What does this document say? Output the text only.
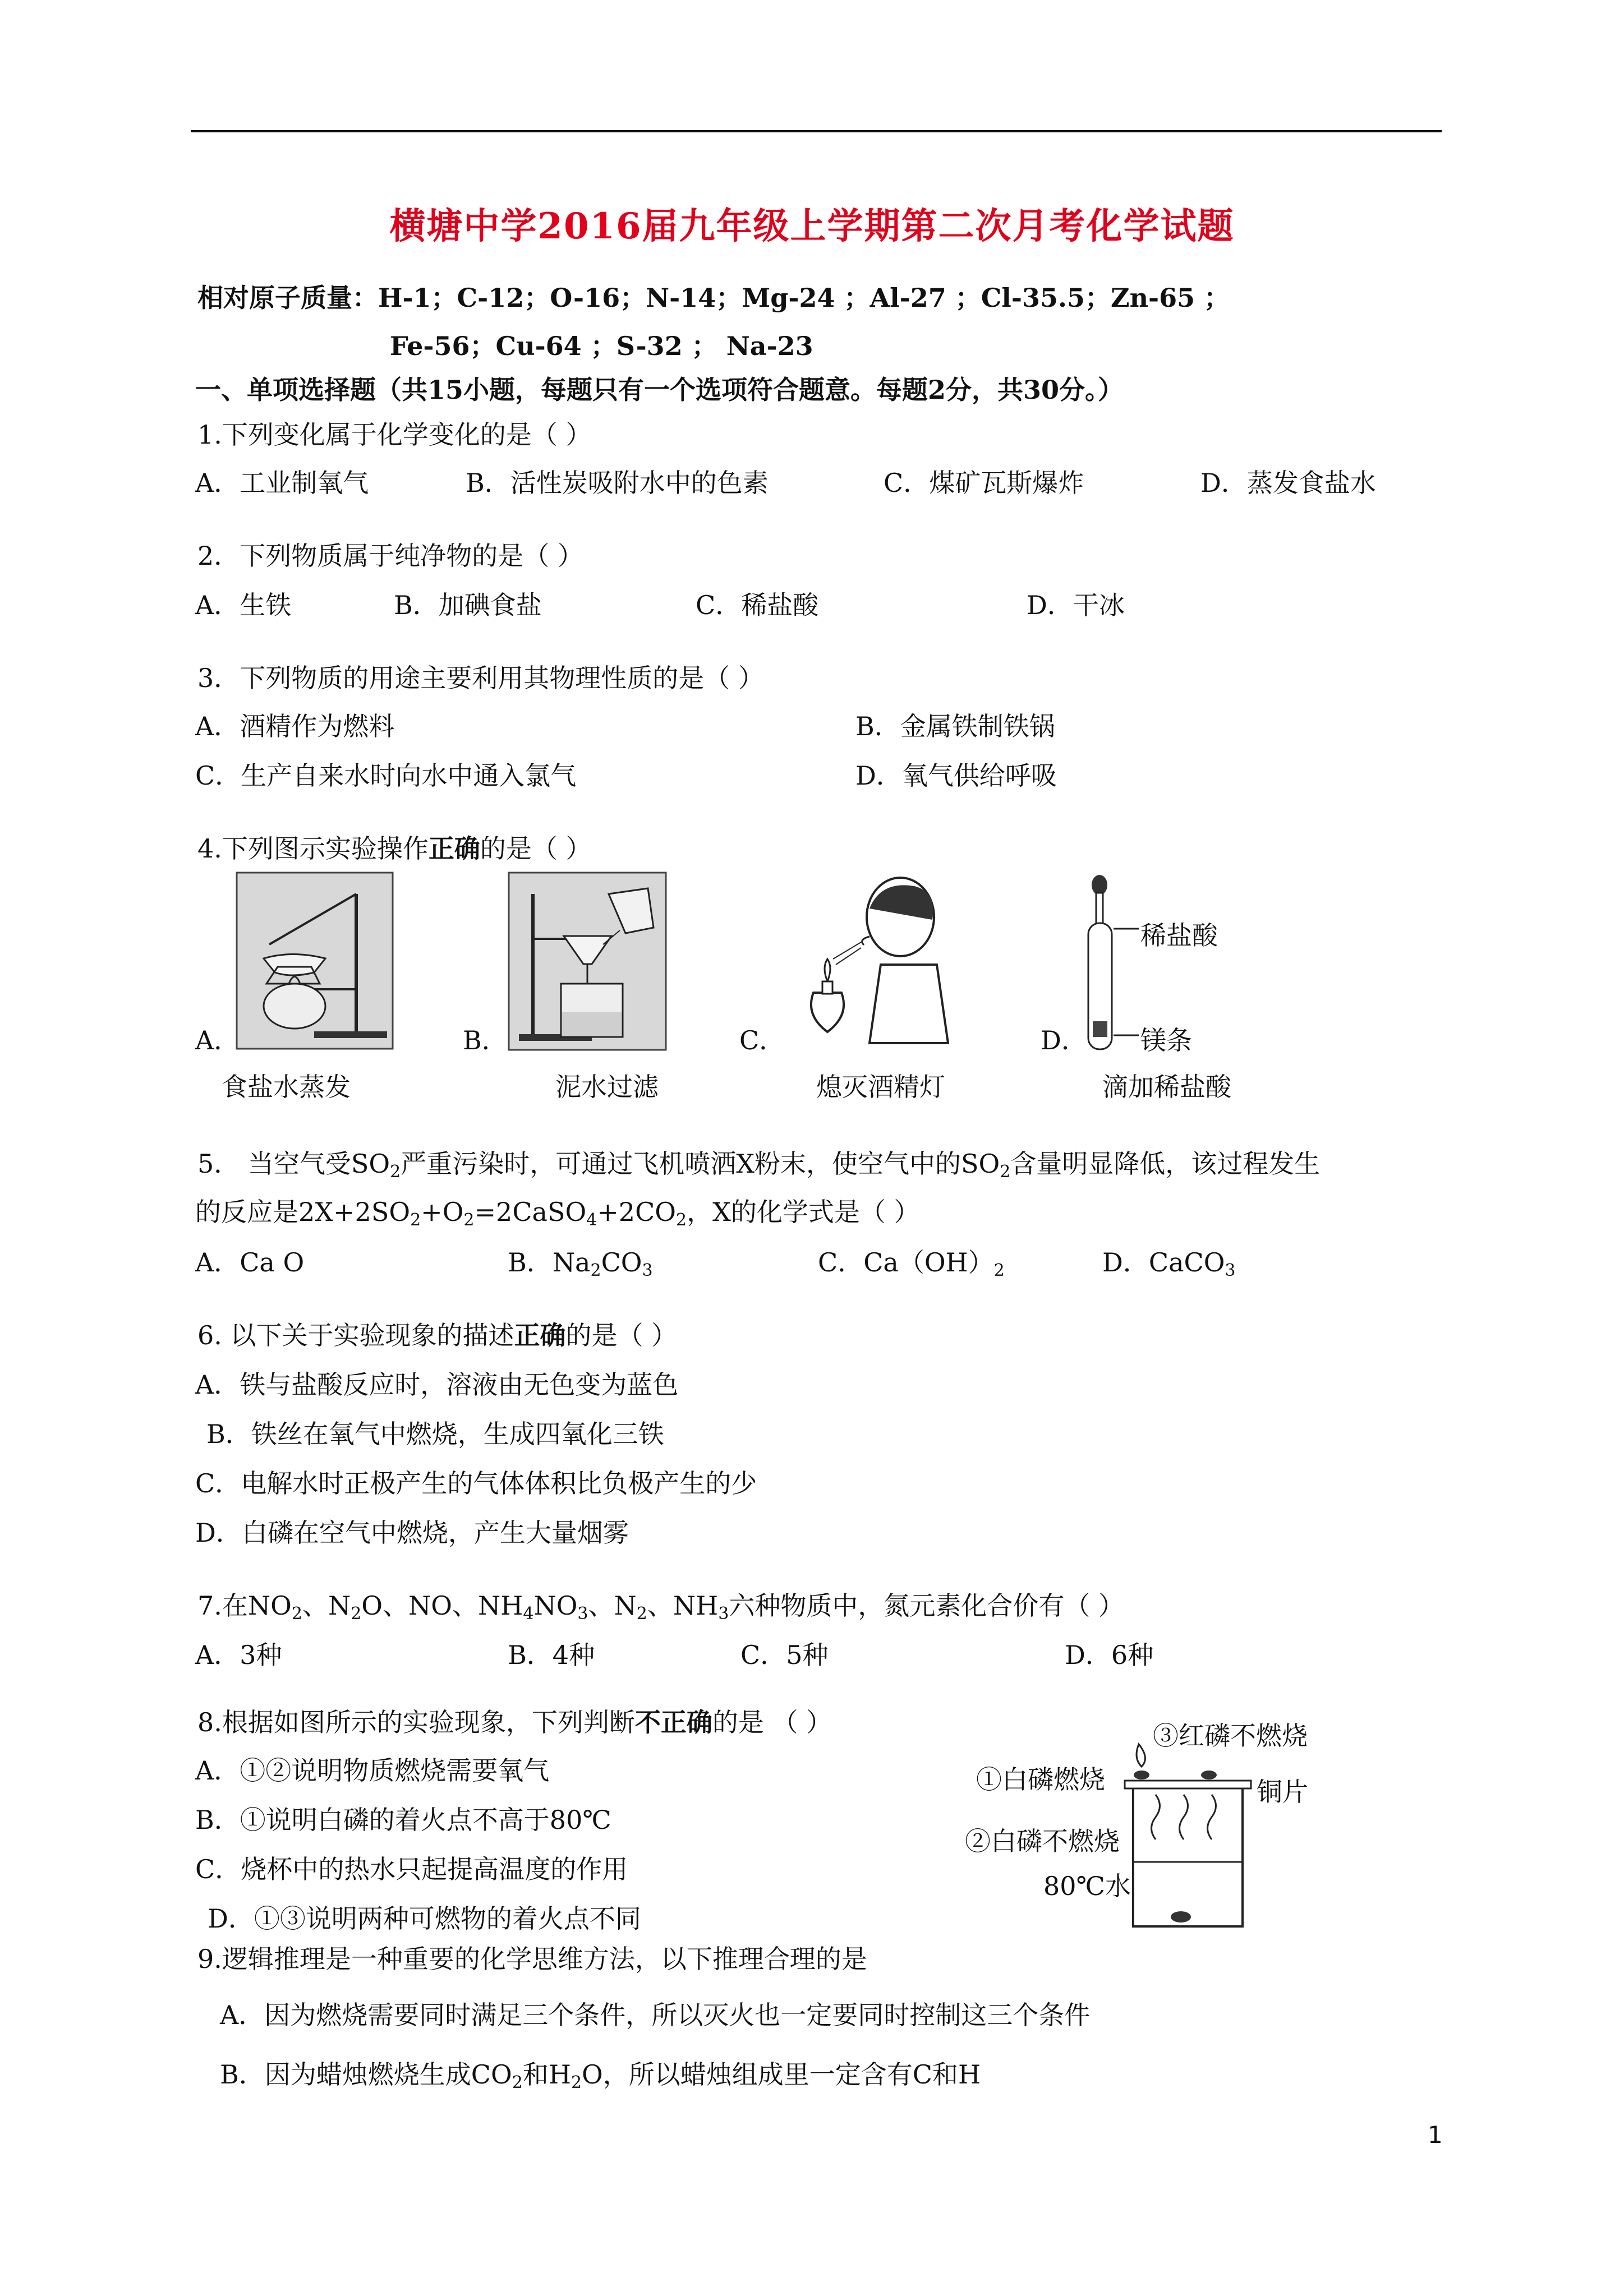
横塘中学2016届九年级上学期第二次月考化学试题
相对原子质量：H-1；C-12；O-16；N-14；Mg-24 ；Al-27 ；Cl-35.5；Zn-65 ；
Fe-56；Cu-64 ；S-32 ； Na-23
一、单项选择题（共15小题，每题只有一个选项符合题意。每题2分，共30分。）
1.下列变化属于化学变化的是（ ）
A．工业制氧气	B．活性炭吸附水中的色素	C．煤矿瓦斯爆炸	D．蒸发食盐水
2．下列物质属于纯净物的是（ ）
A．生铁	B．加碘食盐	C．稀盐酸	D．干冰
3．下列物质的用途主要利用其物理性质的是（ ）
A．酒精作为燃料	B．金属铁制铁锅
C．生产自来水时向水中通入氯气	D．氧气供给呼吸
4.下列图示实验操作正确的是（ ）
A．
食盐水蒸发
B．
泥水过滤
C．
熄灭酒精灯
稀盐酸
镁条
D．
滴加稀盐酸
5． 当空气受$SO_2$严重污染时，可通过飞机喷洒X粉末，使空气中的$SO_2$含量明显降低，该过程发生
的反应是$2X+2SO_2+O_2=2CaSO_4+2CO_2$，X的化学式是（ ）
A．Ca O	B．$Na_2CO_3$	C．$Ca(OH)_2$	D．CaCO$_3$
6. 以下关于实验现象的描述正确的是（ ）
A．铁与盐酸反应时，溶液由无色变为蓝色
B．铁丝在氧气中燃烧，生成四氧化三铁
C．电解水时正极产生的气体体积比负极产生的少
D．白磷在空气中燃烧，产生大量烟雾
7.在$NO_2$、$N_2O$、NO、$NH_4NO_3$、$N_2$、$NH_3$六种物质中，氮元素化合价有（ ）
A．3种	B．4种	C．5种	D．6种
8.根据如图所示的实验现象，下列判断不正确的是 （ ）
A．①②说明物质燃烧需要氧气
B．①说明白磷的着火点不高于80℃
C．烧杯中的热水只起提高温度的作用
D．①③说明两种可燃物的着火点不同
③红磷不燃烧
①白磷燃烧	铜片
②白磷不燃烧
80℃水
9.逻辑推理是一种重要的化学思维方法，以下推理合理的是
A．因为燃烧需要同时满足三个条件，所以灭火也一定要同时控制这三个条件
B．因为蜡烛燃烧生成$CO_2$和$H_2O$，所以蜡烛组成里一定含有C和H
1
